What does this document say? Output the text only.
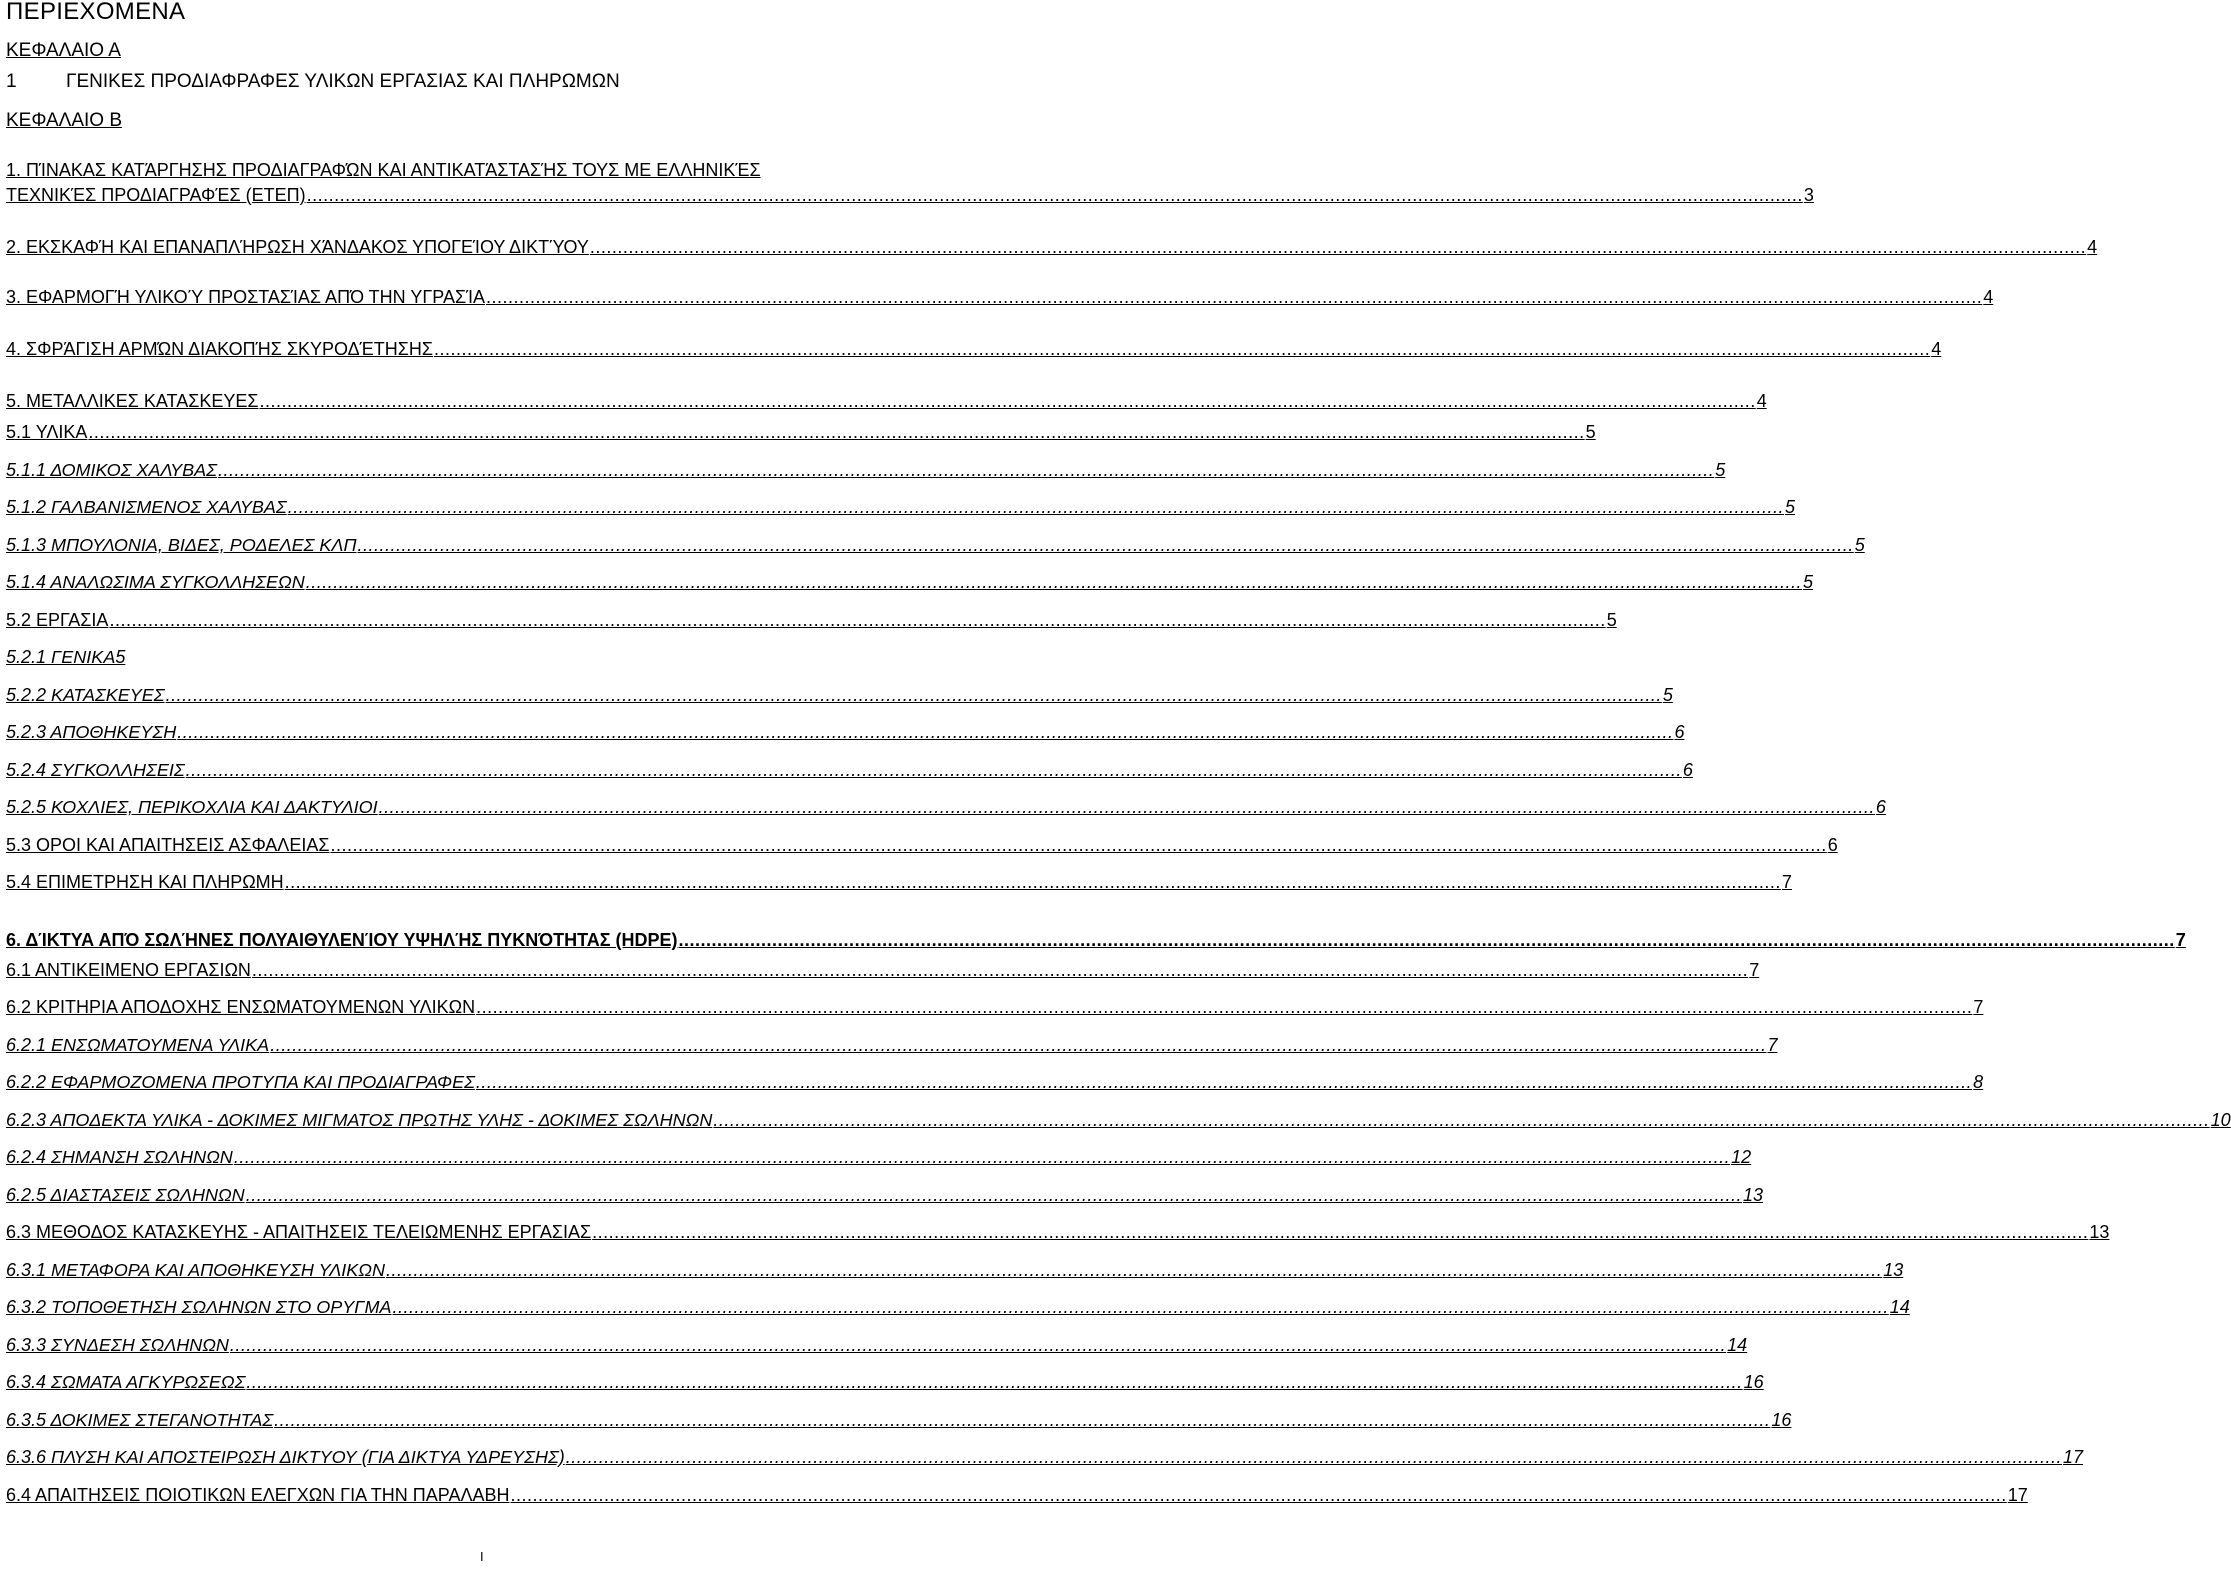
ΠΕΡΙΕΧΟΜΕΝΑ
ΚΕΦΑΛΑΙΟ Α
1	ΓΕΝΙΚΕΣ ΠΡΟΔΙΑΦΡΑΦΕΣ ΥΛΙΚΩΝ ΕΡΓΑΣΙΑΣ ΚΑΙ ΠΛΗΡΩΜΩΝ
ΚΕΦΑΛΑΙΟ Β
1. ΠΊΝΑΚΑΣ ΚΑΤΆΡΓΗΣΗΣ ΠΡΟΔΙΑΓΡΑΦΏΝ ΚΑΙ ΑΝΤΙΚΑΤΆΣΤΑΣΉΣ ΤΟΥΣ ΜΕ ΕΛΛΗΝΙΚΈΣ
ΤΕΧΝΙΚΈΣ ΠΡΟΔΙΑΓΡΑΦΈΣ (ΕΤΕΠ) ................................................................................................................................................................................................................................................................................ 3
2. ΕΚΣΚΑΦΉ ΚΑΙ ΕΠΑΝΑΠΛΉΡΩΣΗ ΧΆΝΔΑΚΟΣ ΥΠΟΓΕΊΟΥ ΔΙΚΤΎΟΥ ................................................................................................................................................................................................................................................................................ 4
3. ΕΦΑΡΜΟΓΉ ΥΛΙΚΟΎ ΠΡΟΣΤΑΣΊΑΣ ΑΠΌ ΤΗΝ ΥΓΡΑΣΊΑ ................................................................................................................................................................................................................................................................................ 4
4. ΣΦΡΆΓΙΣΗ ΑΡΜΏΝ ΔΙΑΚΟΠΉΣ ΣΚΥΡΟΔΈΤΗΣΗΣ ................................................................................................................................................................................................................................................................................ 4
5. ΜΕΤΑΛΛΙΚΕΣ ΚΑΤΑΣΚΕΥΕΣ ................................................................................................................................................................................................................................................................................ 4
5.1 ΥΛΙΚΑ ................................................................................................................................................................................................................................................................................ 5
5.1.1 ΔΟΜΙΚΟΣ ΧΑΛΥΒΑΣ ................................................................................................................................................................................................................................................................................ 5
5.1.2 ΓΑΛΒΑΝΙΣΜΕΝΟΣ ΧΑΛΥΒΑΣ ................................................................................................................................................................................................................................................................................ 5
5.1.3 ΜΠΟΥΛΟΝΙΑ, ΒΙΔΕΣ, ΡΟΔΕΛΕΣ ΚΛΠ ................................................................................................................................................................................................................................................................................ 5
5.1.4 ΑΝΑΛΩΣΙΜΑ ΣΥΓΚΟΛΛΗΣΕΩΝ ................................................................................................................................................................................................................................................................................ 5
5.2 ΕΡΓΑΣΙΑ ................................................................................................................................................................................................................................................................................ 5
5.2.1 ΓΕΝΙΚΑ5
5.2.2 ΚΑΤΑΣΚΕΥΕΣ ................................................................................................................................................................................................................................................................................ 5
5.2.3 ΑΠΟΘΗΚΕΥΣΗ ................................................................................................................................................................................................................................................................................ 6
5.2.4 ΣΥΓΚΟΛΛΗΣΕΙΣ ................................................................................................................................................................................................................................................................................ 6
5.2.5 ΚΟΧΛΙΕΣ, ΠΕΡΙΚΟΧΛΙΑ ΚΑΙ ΔΑΚΤΥΛΙΟΙ ................................................................................................................................................................................................................................................................................ 6
5.3 ΟΡΟΙ ΚΑΙ ΑΠΑΙΤΗΣΕΙΣ ΑΣΦΑΛΕΙΑΣ ................................................................................................................................................................................................................................................................................ 6
5.4 ΕΠΙΜΕΤΡΗΣΗ ΚΑΙ ΠΛΗΡΩΜΗ ................................................................................................................................................................................................................................................................................ 7
6. ΔΊΚΤΥΑ ΑΠΌ ΣΩΛΉΝΕΣ ΠΟΛΥΑΙΘΥΛΕΝΊΟΥ ΥΨΗΛΉΣ ΠΥΚΝΌΤΗΤΑΣ (HDPE) ................................................................................................................................................................................................................................................................................ 7
6.1 ΑΝΤΙΚΕΙΜΕΝΟ ΕΡΓΑΣΙΩΝ ................................................................................................................................................................................................................................................................................ 7
6.2 ΚΡΙΤΗΡΙΑ ΑΠΟΔΟΧΗΣ ΕΝΣΩΜΑΤΟΥΜΕΝΩΝ ΥΛΙΚΩΝ ................................................................................................................................................................................................................................................................................ 7
6.2.1 ΕΝΣΩΜΑΤΟΥΜΕΝΑ ΥΛΙΚΑ ................................................................................................................................................................................................................................................................................ 7
6.2.2 ΕΦΑΡΜΟΖΟΜΕΝΑ ΠΡΟΤΥΠΑ ΚΑΙ ΠΡΟΔΙΑΓΡΑΦΕΣ ................................................................................................................................................................................................................................................................................ 8
6.2.3 ΑΠΟΔΕΚΤΑ ΥΛΙΚΑ - ΔΟΚΙΜΕΣ ΜΙΓΜΑΤΟΣ ΠΡΩΤΗΣ ΥΛΗΣ - ΔΟΚΙΜΕΣ ΣΩΛΗΝΩΝ ................................................................................................................................................................................................................................................................................ 10
6.2.4 ΣΗΜΑΝΣΗ ΣΩΛΗΝΩΝ ................................................................................................................................................................................................................................................................................ 12
6.2.5 ΔΙΑΣΤΑΣΕΙΣ ΣΩΛΗΝΩΝ ................................................................................................................................................................................................................................................................................ 13
6.3 ΜΕΘΟΔΟΣ ΚΑΤΑΣΚΕΥΗΣ - ΑΠΑΙΤΗΣΕΙΣ ΤΕΛΕΙΩΜΕΝΗΣ ΕΡΓΑΣΙΑΣ ................................................................................................................................................................................................................................................................................ 13
6.3.1 ΜΕΤΑΦΟΡΑ ΚΑΙ ΑΠΟΘΗΚΕΥΣΗ ΥΛΙΚΩΝ ................................................................................................................................................................................................................................................................................ 13
6.3.2 ΤΟΠΟΘΕΤΗΣΗ ΣΩΛΗΝΩΝ ΣΤΟ ΟΡΥΓΜΑ ................................................................................................................................................................................................................................................................................ 14
6.3.3 ΣΥΝΔΕΣΗ ΣΩΛΗΝΩΝ ................................................................................................................................................................................................................................................................................ 14
6.3.4 ΣΩΜΑΤΑ ΑΓΚΥΡΩΣΕΩΣ ................................................................................................................................................................................................................................................................................ 16
6.3.5 ΔΟΚΙΜΕΣ ΣΤΕΓΑΝΟΤΗΤΑΣ ................................................................................................................................................................................................................................................................................ 16
6.3.6 ΠΛΥΣΗ ΚΑΙ ΑΠΟΣΤΕΙΡΩΣΗ ΔΙΚΤΥΟΥ (ΓΙΑ ΔΙΚΤΥΑ ΥΔΡΕΥΣΗΣ) ................................................................................................................................................................................................................................................................................ 17
6.4 ΑΠΑΙΤΗΣΕΙΣ ΠΟΙΟΤΙΚΩΝ ΕΛΕΓΧΩΝ ΓΙΑ ΤΗΝ ΠΑΡΑΛΑΒΗ ................................................................................................................................................................................................................................................................................ 17
Ι
